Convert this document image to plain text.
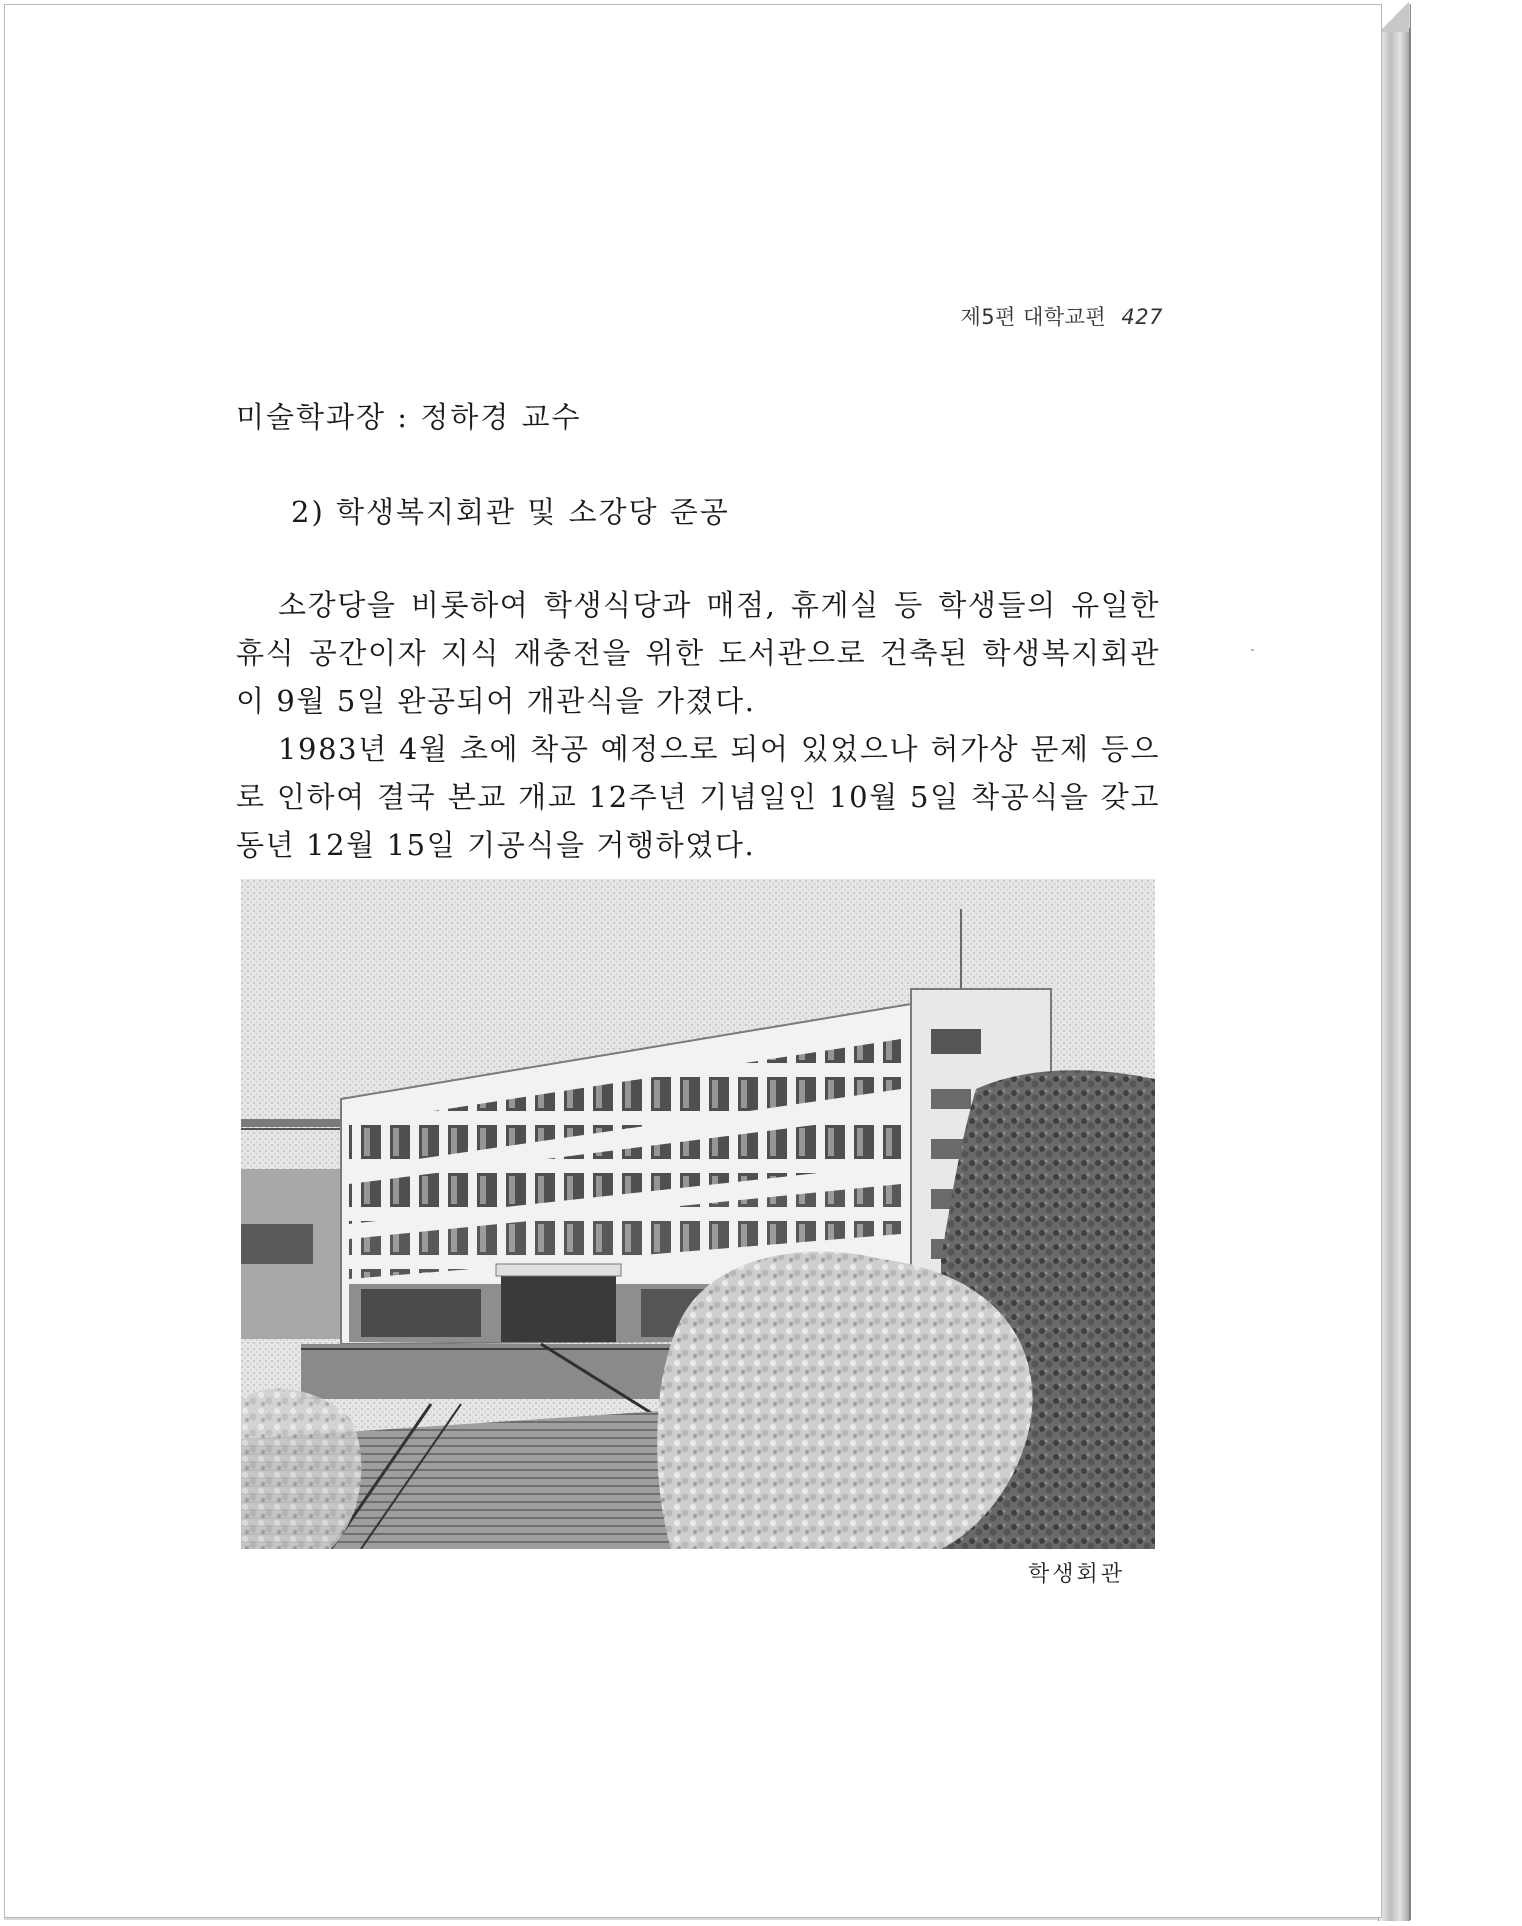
제5편 대학교편 427
미술학과장 : 정하경 교수
2) 학생복지회관 및 소강당 준공

소강당을 비롯하여 학생식당과 매점, 휴게실 등 학생들의 유일한 휴식 공간이자 지식 재충전을 위한 도서관으로 건축된 학생복지회관이 9월 5일 완공되어 개관식을 가졌다.

1983년 4월 초에 착공 예정으로 되어 있었으나 허가상 문제 등으로 인하여 결국 본교 개교 12주년 기념일인 10월 5일 착공식을 갖고 동년 12월 15일 기공식을 거행하였다.

학생회관
